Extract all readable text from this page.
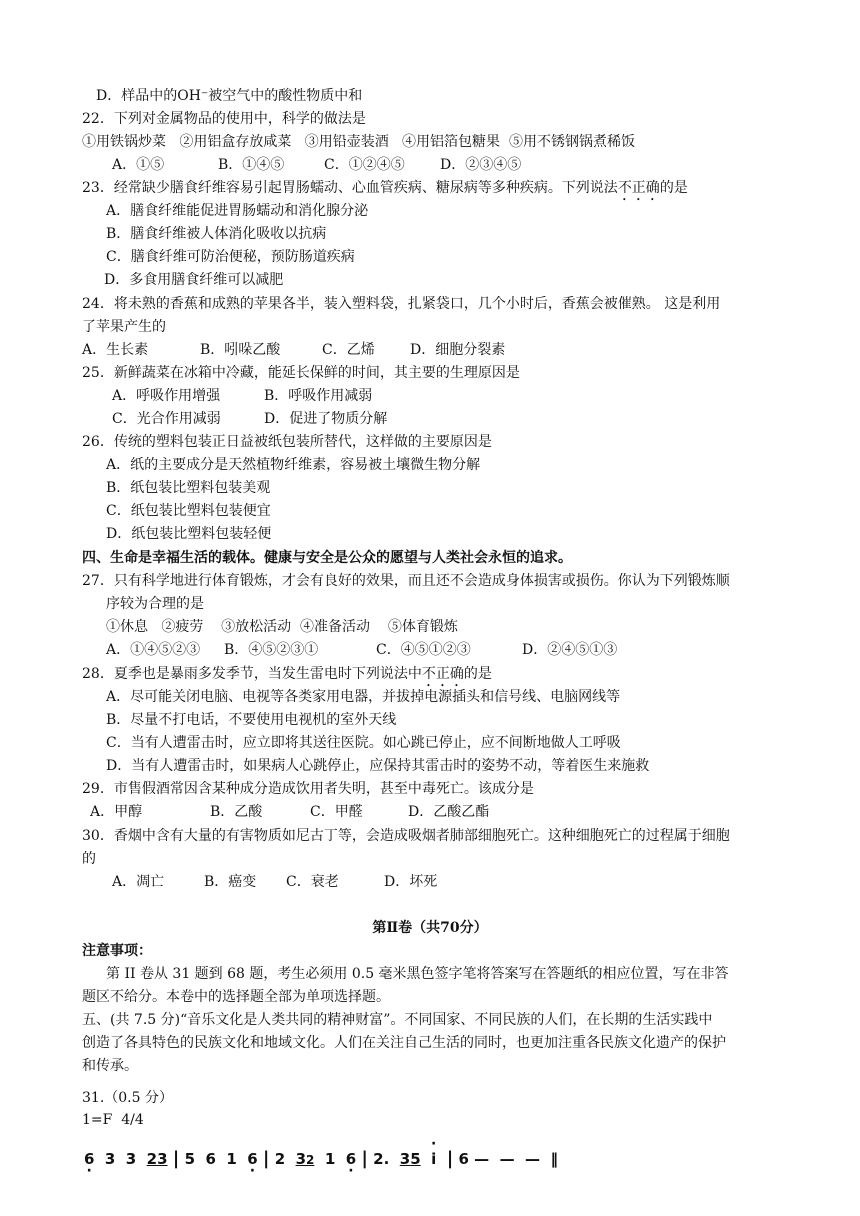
D．样品中的OH⁻被空气中的酸性物质中和
22．下列对金属物品的使用中，科学的做法是
①用铁锅炒菜   ②用铝盒存放咸菜   ③用铅壶装酒   ④用铝箔包糖果  ⑤用不锈钢锅煮稀饭
A．①⑤	B．①④⑤	C．①②④⑤	D．②③④⑤
23．经常缺少膳食纤维容易引起胃肠蠕动、心血管疾病、糖尿病等多种疾病。下列说法不正确的是
A．膳食纤维能促进胃肠蠕动和消化腺分泌
B．膳食纤维被人体消化吸收以抗病
C．膳食纤维可防治便秘，预防肠道疾病
D．多食用膳食纤维可以减肥
24．将未熟的香蕉和成熟的苹果各半，装入塑料袋，扎紧袋口，几个小时后，香蕉会被催熟。 这是利用
了苹果产生的
A．生长素	B．吲哚乙酸	C．乙烯	D．细胞分裂素
25．新鲜蔬菜在冰箱中冷藏，能延长保鲜的时间，其主要的生理原因是
A．呼吸作用增强	B．呼吸作用减弱
C．光合作用减弱	D．促进了物质分解
26．传统的塑料包装正日益被纸包装所替代，这样做的主要原因是
A．纸的主要成分是天然植物纤维素，容易被土壤微生物分解
B．纸包装比塑料包装美观
C．纸包装比塑料包装便宜
D．纸包装比塑料包装轻便
四、生命是幸福生活的载体。健康与安全是公众的愿望与人类社会永恒的追求。
27．只有科学地进行体育锻炼，才会有良好的效果，而且还不会造成身体损害或损伤。你认为下列锻炼顺
序较为合理的是
①休息   ②疲劳    ③放松活动  ④准备活动    ⑤体育锻炼
A．①④⑤②③ B．④⑤②③①	C．④⑤①②③	D．②④⑤①③
28．夏季也是暴雨多发季节，当发生雷电时下列说法中不正确的是
A．尽可能关闭电脑、电视等各类家用电器，并拔掉电源插头和信号线、电脑网线等
B．尽量不打电话，不要使用电视机的室外天线
C．当有人遭雷击时，应立即将其送往医院。如心跳已停止，应不间断地做人工呼吸
D．当有人遭雷击时，如果病人心跳停止，应保持其雷击时的姿势不动，等着医生来施救
29．市售假酒常因含某种成分造成饮用者失明，甚至中毒死亡。该成分是
A．甲醇	B．乙酸	C．甲醛	D．乙酸乙酯
30．香烟中含有大量的有害物质如尼古丁等，会造成吸烟者肺部细胞死亡。这种细胞死亡的过程属于细胞
的
A．凋亡	B．癌变 C．衰老	D．坏死
第Ⅱ卷（共70分）
注意事项：
第 II 卷从 31 题到 68 题，考生必须用 0.5 毫米黑色签字笔将答案写在答题纸的相应位置，写在非答
题区不给分。本卷中的选择题全部为单项选择题。
五、(共 7.5 分)“音乐文化是人类共同的精神财富”。不同国家、不同民族的人们，在长期的生活实践中
创造了各具特色的民族文化和地域文化。人们在关注自己生活的同时，也更加注重各民族文化遗产的保护
和传承。
31.（0.5 分）
1=F  4/4
6 ·  3  3  23 | 5  6  1  6 · | 2  32  1  6 · | 2.  35  · i | 6 —  —  —  ‖
